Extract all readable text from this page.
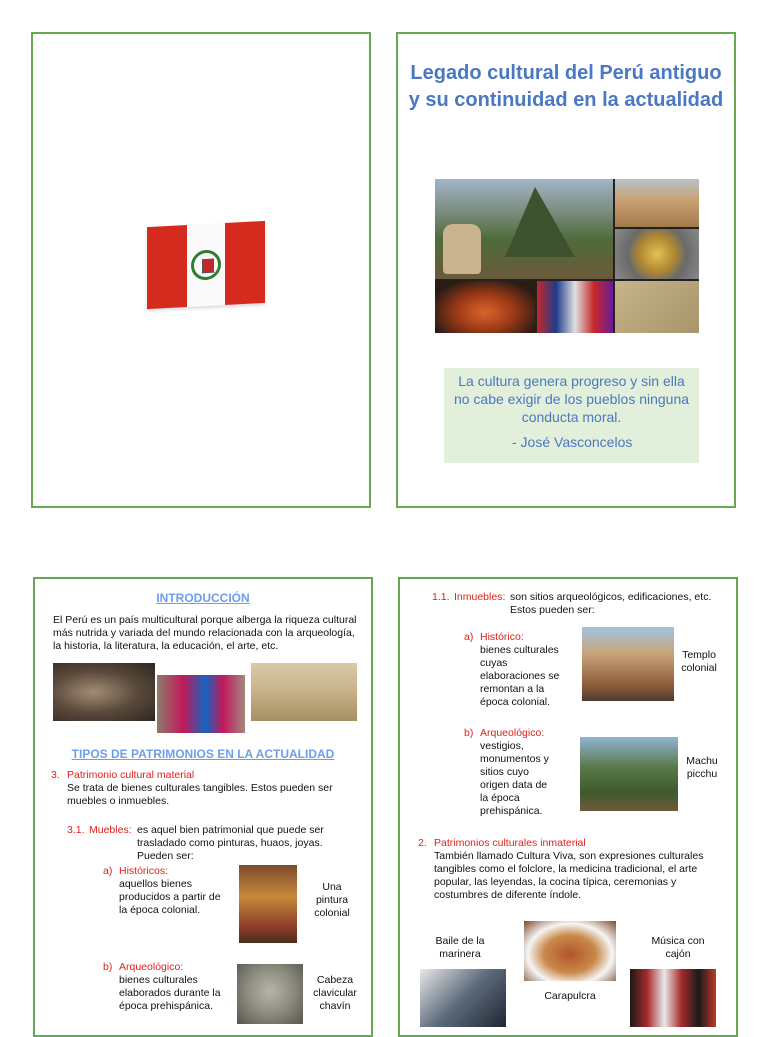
Legado cultural del Perú antiguo y su continuidad en la actualidad
La cultura genera progreso y sin ella no cabe exigir de los pueblos ninguna conducta moral.
- José Vasconcelos
INTRODUCCIÓN
El Perú es un país multicultural porque alberga la riqueza cultural más nutrida y variada del mundo relacionada con la arqueología, la historia, la literatura, la educación, el arte, etc.
TIPOS DE PATRIMONIOS EN LA ACTUALIDAD
3. Patrimonio cultural material
Se trata de bienes culturales tangibles. Estos pueden ser muebles o inmuebles.
3.1. Muebles: es aquel bien patrimonial que puede ser trasladado como pinturas, huaos, joyas. Pueden ser:
a) Históricos:
aquellos bienes producidos a partir de la época colonial.
Una pintura colonial
b) Arqueológico:
bienes culturales elaborados durante la época prehispánica.
Cabeza clavicular chavín
1.1. Inmuebles: son sitios arqueológicos, edificaciones, etc. Estos pueden ser:
a) Histórico:
bienes culturales cuyas elaboraciones se remontan a la época colonial.
Templo colonial
b) Arqueológico:
vestigios, monumentos y sitios cuyo origen data de la época prehispánica.
Machu picchu
2. Patrimonios culturales inmaterial
También llamado Cultura Viva, son expresiones culturales tangibles como el folclore, la medicina tradicional, el arte popular, las leyendas, la cocina típica, ceremonias y costumbres de diferente índole.
Baile de la marinera
Carapulcra
Música con cajón
